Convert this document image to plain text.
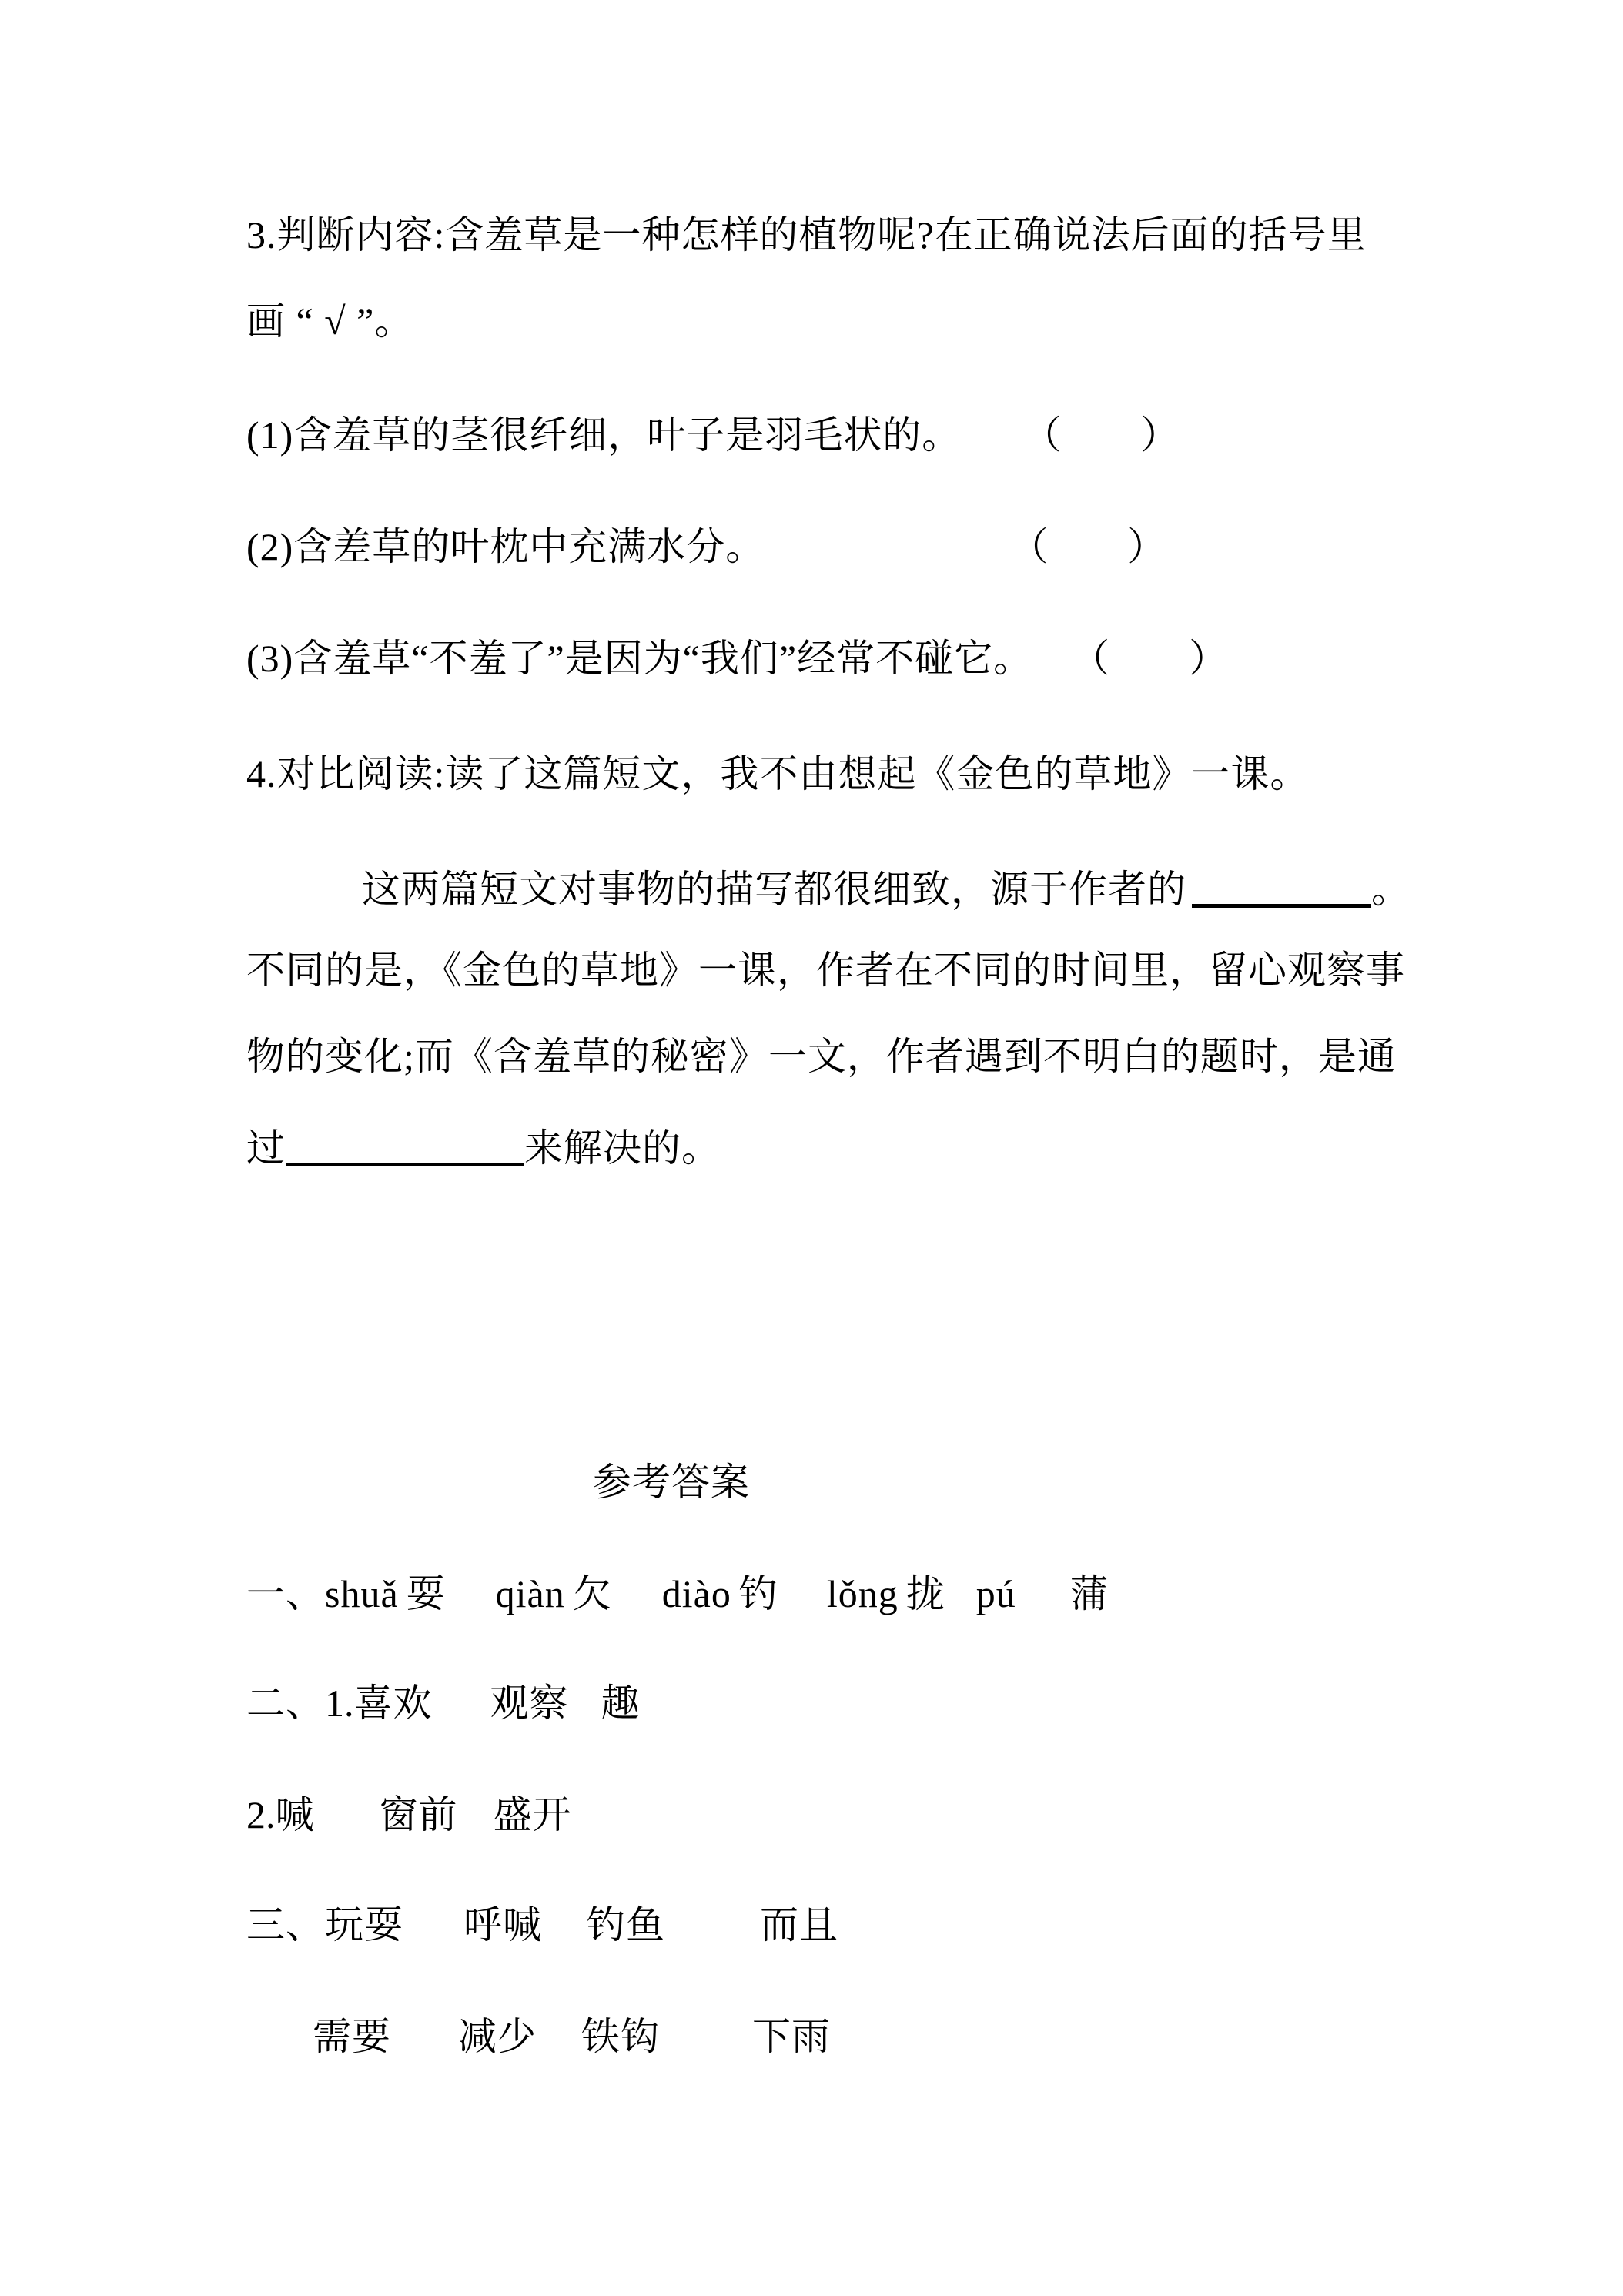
3.判断内容:含羞草是一种怎样的植物呢?在正确说法后面的括号里
画 “ √ ”。
(1)含羞草的茎很纤细，叶子是羽毛状的。 （　　）
(2)含差草的叶枕中充满水分。	（　　）
(3)含羞草“不羞了”是因为“我们”经常不碰它。 （　　）
4.对比阅读:读了这篇短文，我不由想起《金色的草地》一课。
这两篇短文对事物的描写都很细致，源于作者的	。
不同的是，《金色的草地》一课，作者在不同的时间里，留心观察事
物的变化;而《含羞草的秘密》一文，作者遇到不明白的题时，是通
过	来解决的。
参考答案
一、shuǎ 耍 qiàn 欠 diào 钓 lǒng 拢 pú 蒲
二、1.喜欢 观察 趣
2.喊 窗前 盛开
三、玩耍 呼喊 钓鱼 而且
需要 减少 铁钩 下雨
